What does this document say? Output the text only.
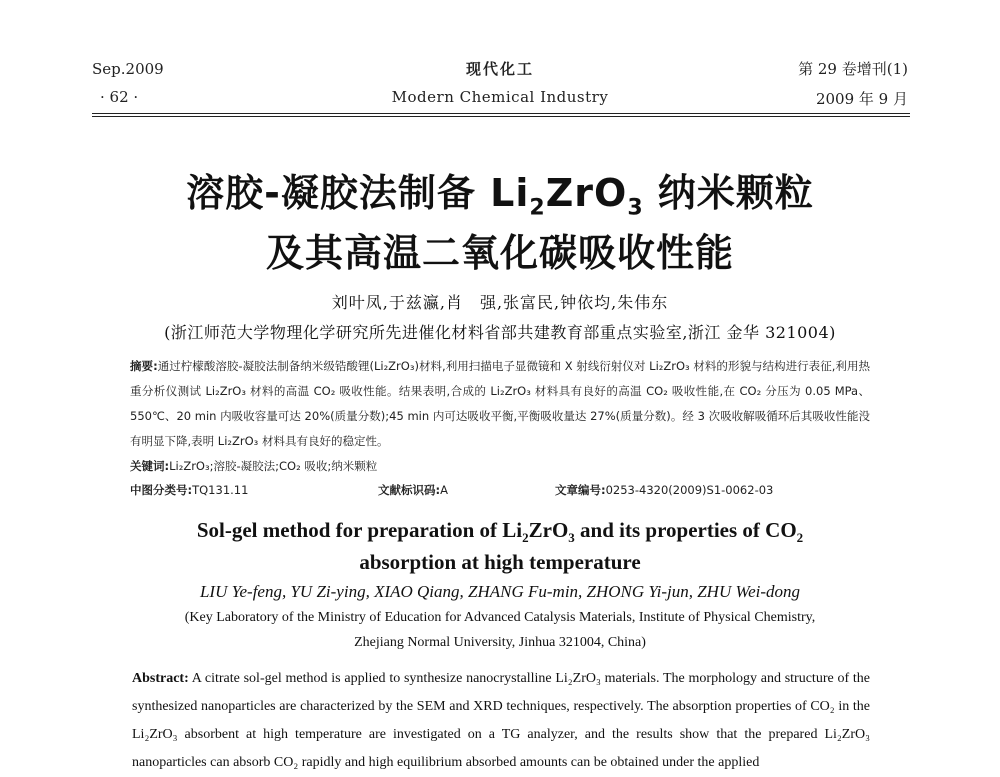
Sep.2009
· 62 ·
现代化工
Modern Chemical Industry
第 29 卷增刊(1)
2009 年 9 月
溶胶-凝胶法制备 $Li_2ZrO_3$ 纳米颗粒
及其高温二氧化碳吸收性能
刘叶凤,于兹瀛,肖　强,张富民,钟依均,朱伟东
(浙江师范大学物理化学研究所先进催化材料省部共建教育部重点实验室,浙江 金华 321004)
摘要:通过柠檬酸溶胶-凝胶法制备纳米级锆酸锂(Li₂ZrO₃)材料,利用扫描电子显微镜和 X 射线衍射仪对 Li₂ZrO₃ 材料的形貌与结构进行表征,利用热重分析仪测试 Li₂ZrO₃ 材料的高温 CO₂ 吸收性能。结果表明,合成的 Li₂ZrO₃ 材料具有良好的高温 CO₂ 吸收性能,在 CO₂ 分压为 0.05 MPa、550℃、20 min 内吸收容量可达 20%(质量分数);45 min 内可达吸收平衡,平衡吸收量达 27%(质量分数)。经 3 次吸收解吸循环后其吸收性能没有明显下降,表明 Li₂ZrO₃ 材料具有良好的稳定性。
关键词:Li₂ZrO₃;溶胶-凝胶法;CO₂ 吸收;纳米颗粒
中图分类号:TQ131.11	文献标识码:A	文章编号:0253-4320(2009)S1-0062-03
Sol-gel method for preparation of $Li_2ZrO_3$ and its properties of $CO_2$
absorption at high temperature
LIU Ye-feng, YU Zi-ying, XIAO Qiang, ZHANG Fu-min, ZHONG Yi-jun, ZHU Wei-dong
(Key Laboratory of the Ministry of Education for Advanced Catalysis Materials, Institute of Physical Chemistry,
Zhejiang Normal University, Jinhua 321004, China)
Abstract: A citrate sol-gel method is applied to synthesize nanocrystalline Li₂ZrO₃ materials. The morphology and structure of the synthesized nanoparticles are characterized by the SEM and XRD techniques, respectively. The absorption properties of CO₂ in the Li₂ZrO₃ absorbent at high temperature are investigated on a TG analyzer, and the results show that the prepared Li₂ZrO₃ nanoparticles can absorb CO₂ rapidly and high equilibrium absorbed amounts can be obtained under the applied
